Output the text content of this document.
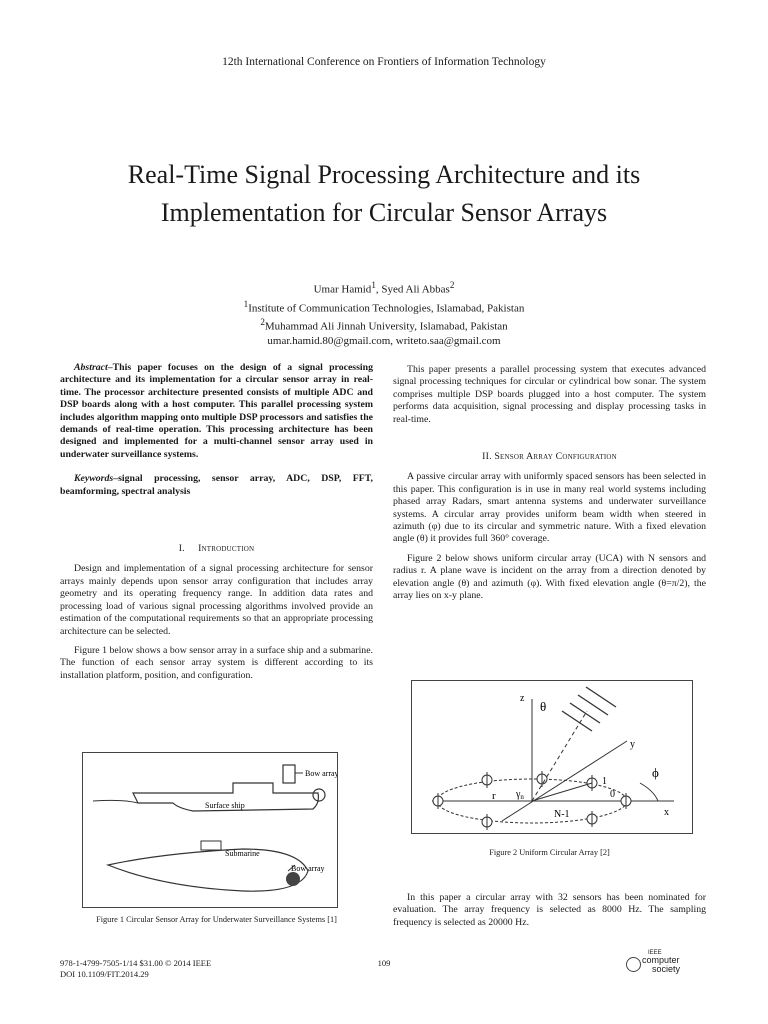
12th International Conference on Frontiers of Information Technology
Real-Time Signal Processing Architecture and its
Implementation for Circular Sensor Arrays
Umar Hamid$^1$, Syed Ali Abbas$^2$
$^1$Institute of Communication Technologies, Islamabad, Pakistan
$^2$Muhammad Ali Jinnah University, Islamabad, Pakistan
umar.hamid.80@gmail.com, writeto.saa@gmail.com

Abstract–This paper focuses on the design of a signal processing architecture and its implementation for a circular sensor array in real-time. The processor architecture presented consists of multiple ADC and DSP boards along with a host computer. This parallel processing system includes algorithm mapping onto multiple DSP processors and satisfies the demands of real-time operation. This processing architecture has been designed and implemented for a multi-channel sensor array used in underwater surveillance systems.

Keywords–signal processing, sensor array, ADC, DSP, FFT, beamforming, spectral analysis

I. Introduction

Design and implementation of a signal processing architecture for sensor arrays mainly depends upon sensor array configuration that includes array geometry and its operating frequency range. In addition data rates and processing load of various signal processing algorithms involved provide an estimation of the computational requirements so that an appropriate processing architecture can be selected.

Figure 1 below shows a bow sensor array in a surface ship and a submarine. The function of each sensor array system is different according to its installation platform, position, and configuration.

Bow array
Surface ship
Submarine
Bow array
Figure 1 Circular Sensor Array for Underwater Surveillance Systems [1]

This paper presents a parallel processing system that executes advanced signal processing techniques for circular or cylindrical bow sonar. The system comprises multiple DSP boards plugged into a host computer. The system performs data acquisition, signal processing and display processing tasks in real-time.

II. Sensor Array Configuration

A passive circular array with uniformly spaced sensors has been selected in this paper. This configuration is in use in many real world systems including phased array Radars, smart antenna systems and underwater surveillance systems. A circular array provides uniform beam width when steered in azimuth (φ) due to its circular and symmetric nature. With a fixed elevation angle (θ) it provides full 360° coverage.

Figure 2 below shows uniform circular array (UCA) with N sensors and radius r. A plane wave is incident on the array from a direction denoted by elevation angle (θ) and azimuth (φ). With fixed elevation angle (θ=π/2), the array lies on x-y plane.

z
θ
y
ϕ
r $\gamma_n$
1
0
N-1	x
Figure 2 Uniform Circular Array [2]

In this paper a circular array with 32 sensors has been nominated for evaluation. The array frequency is selected as 8000 Hz. The sampling frequency is selected as 20000 Hz.

978-1-4799-7505-1/14 $31.00 © 2014 IEEE
DOI 10.1109/FIT.2014.29
109
IEEE
computer
society
